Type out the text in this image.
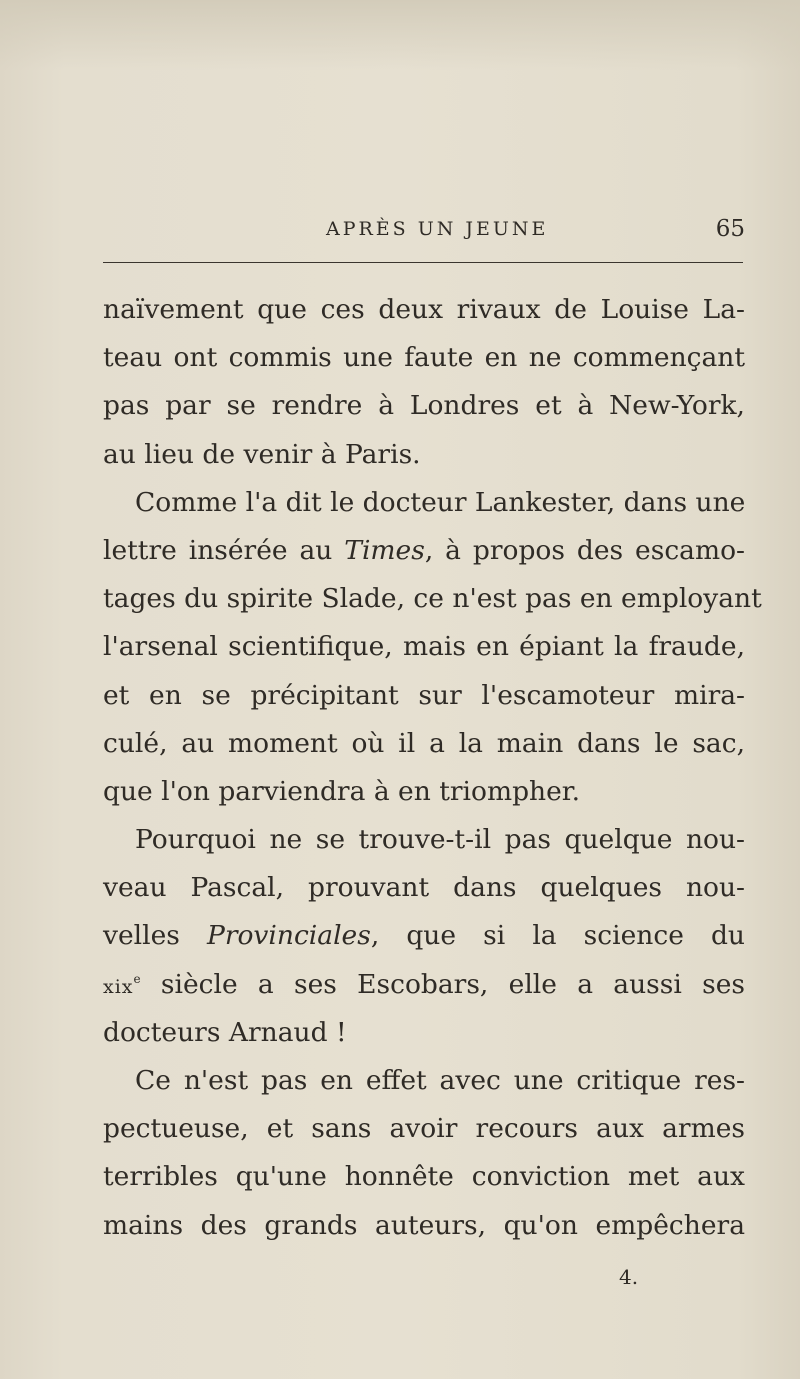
APRÈS UN JEUNE	65
naïvement que ces deux rivaux de Louise La-
teau ont commis une faute en ne commençant
pas par se rendre à Londres et à New-York,
au lieu de venir à Paris.
Comme l'a dit le docteur Lankester, dans une
lettre insérée au Times, à propos des escamo-
tages du spirite Slade, ce n'est pas en employant
l'arsenal scientifique, mais en épiant la fraude,
et en se précipitant sur l'escamoteur mira-
culé, au moment où il a la main dans le sac,
que l'on parviendra à en triompher.
Pourquoi ne se trouve-t-il pas quelque nou-
veau Pascal, prouvant dans quelques nou-
velles Provinciales, que si la science du
xix$^e$ siècle a ses Escobars, elle a aussi ses
docteurs Arnaud !
Ce n'est pas en effet avec une critique res-
pectueuse, et sans avoir recours aux armes
terribles qu'une honnête conviction met aux
mains des grands auteurs, qu'on empêchera
4.
